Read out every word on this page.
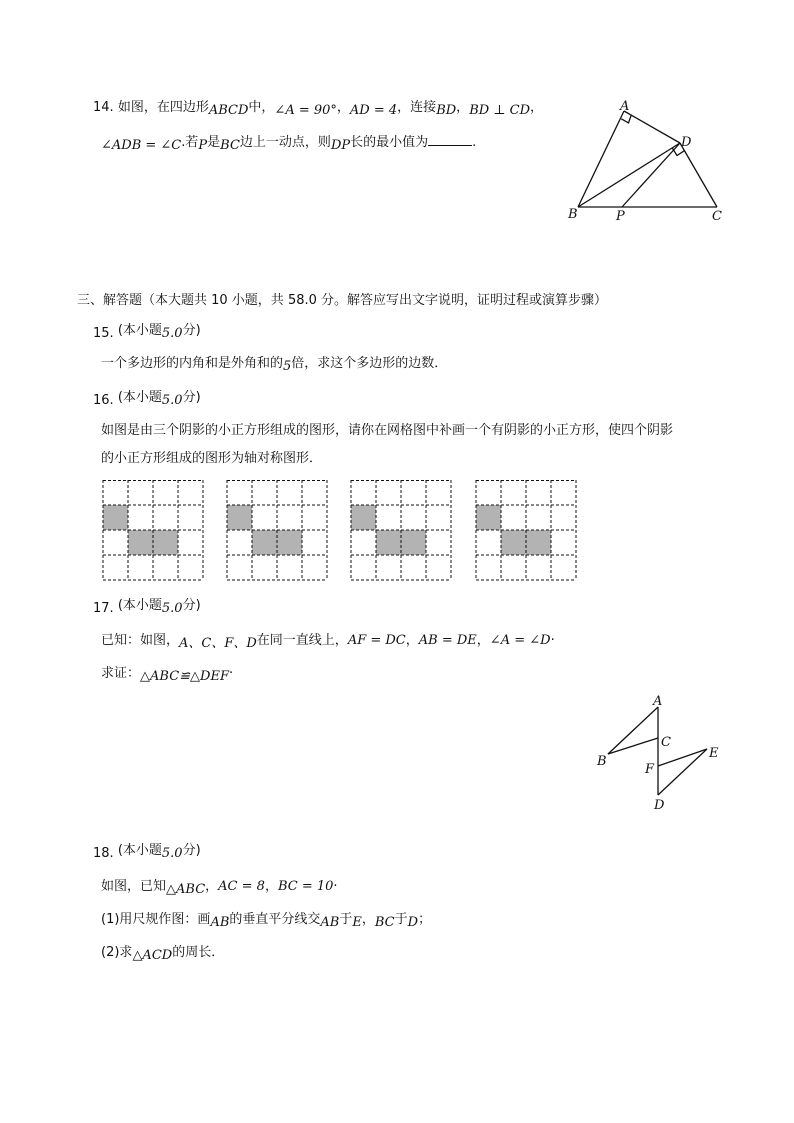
14. 如图，在四边形ABCD中，∠A = 90°，AD = 4，连接BD，BD ⊥ CD，
∠ADB = ∠C.若P是BC边上一动点，则DP长的最小值为	.
A
B	C
D
P
三、解答题（本大题共 10 小题，共 58.0 分。解答应写出文字说明，证明过程或演算步骤）
15. (本小题5.0分)
一个多边形的内角和是外角和的5倍，求这个多边形的边数．
16. (本小题5.0分)
如图是由三个阴影的小正方形组成的图形，请你在网格图中补画一个有阴影的小正方形，使四个阴影
的小正方形组成的图形为轴对称图形．
17. (本小题5.0分)
已知：如图，A、C、F、D在同一直线上，AF = DC，AB = DE，∠A = ∠D·
求证：△ABC≌△DEF·
A
B
C
D
E
F
18. (本小题5.0分)
如图，已知△ABC，AC = 8，BC = 10·
(1)用尺规作图：画AB的垂直平分线交AB于E，BC于D；
(2)求△ACD的周长．
